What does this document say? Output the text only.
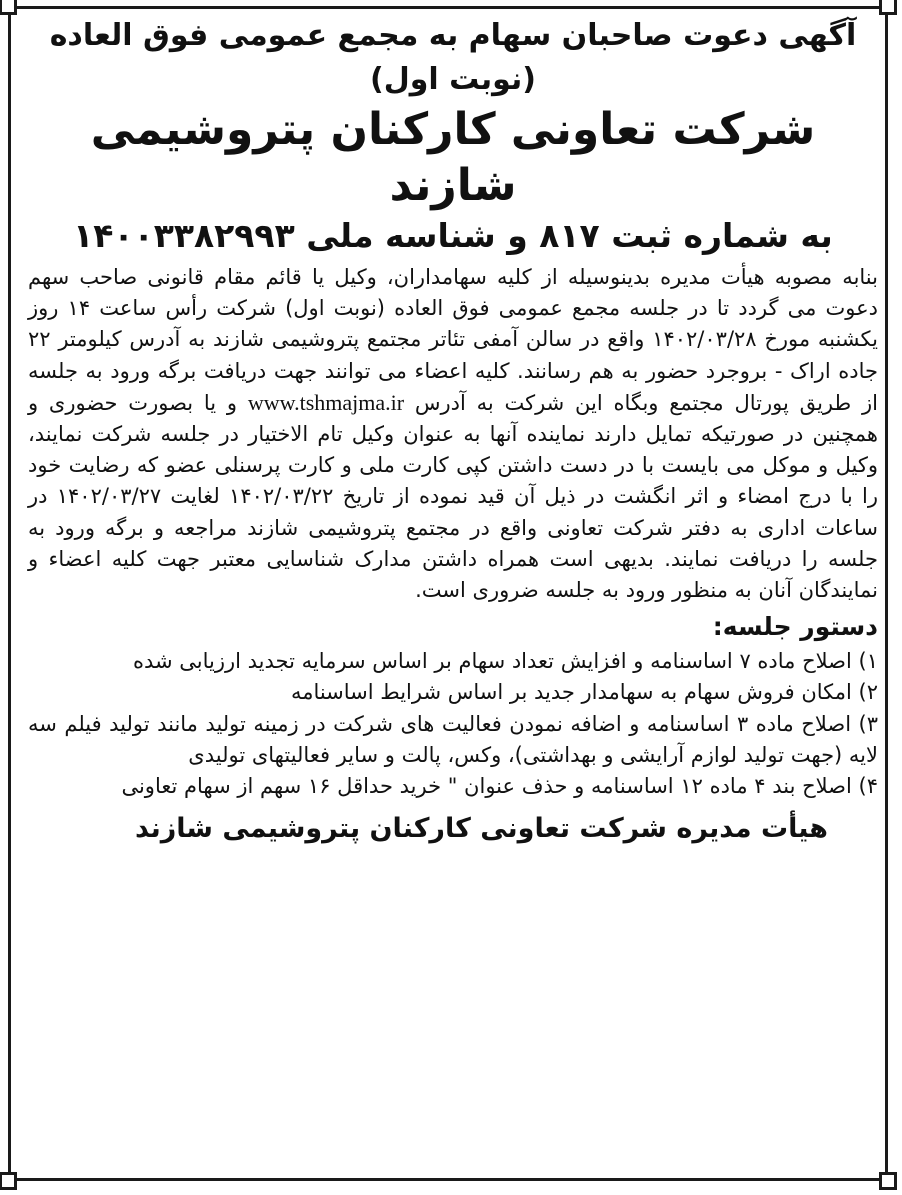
آگهی دعوت صاحبان سهام به مجمع عمومی فوق العاده (نوبت اول)
شرکت تعاونی کارکنان پتروشیمی شازند
به شماره ثبت ۸۱۷ و شناسه ملی ۱۴۰۰۳۳۸۲۹۹۳

بنابه مصوبه هیأت مدیره بدینوسیله از کلیه سهامداران، وکیل یا قائم مقام قانونی صاحب سهم دعوت می گردد تا در جلسه مجمع عمومی فوق العاده (نوبت اول) شرکت رأس ساعت ۱۴ روز یکشنبه مورخ ۱۴۰۲/۰۳/۲۸ واقع در سالن آمفی تئاتر مجتمع پتروشیمی شازند به آدرس کیلومتر ۲۲ جاده اراک - بروجرد حضور به هم رسانند. کلیه اعضاء می توانند جهت دریافت برگه ورود به جلسه از طریق پورتال مجتمع وبگاه این شرکت به آدرس www.tshmajma.ir و یا بصورت حضوری و همچنین در صورتیکه تمایل دارند نماینده آنها به عنوان وکیل تام الاختیار در جلسه شرکت نمایند، وکیل و موکل می بایست با در دست داشتن کپی کارت ملی و کارت پرسنلی عضو که رضایت خود را با درج امضاء و اثر انگشت در ذیل آن قید نموده از تاریخ ۱۴۰۲/۰۳/۲۲ لغایت ۱۴۰۲/۰۳/۲۷ در ساعات اداری به دفتر شرکت تعاونی واقع در مجتمع پتروشیمی شازند مراجعه و برگه ورود به جلسه را دریافت نمایند. بدیهی است همراه داشتن مدارک شناسایی معتبر جهت کلیه اعضاء و نمایندگان آنان به منظور ورود به جلسه ضروری است.

دستور جلسه:
۱) اصلاح ماده ۷ اساسنامه و افزایش تعداد سهام بر اساس سرمایه تجدید ارزیابی شده
۲) امکان فروش سهام به سهامدار جدید بر اساس شرایط اساسنامه
۳) اصلاح ماده ۳ اساسنامه و اضافه نمودن فعالیت های شرکت در زمینه تولید مانند تولید فیلم سه لایه (جهت تولید لوازم آرایشی و بهداشتی)، وکس، پالت و سایر فعالیتهای تولیدی
۴) اصلاح بند ۴ ماده ۱۲ اساسنامه و حذف عنوان " خرید حداقل ۱۶ سهم از سهام تعاونی
هیأت مدیره شرکت تعاونی کارکنان پتروشیمی شازند
